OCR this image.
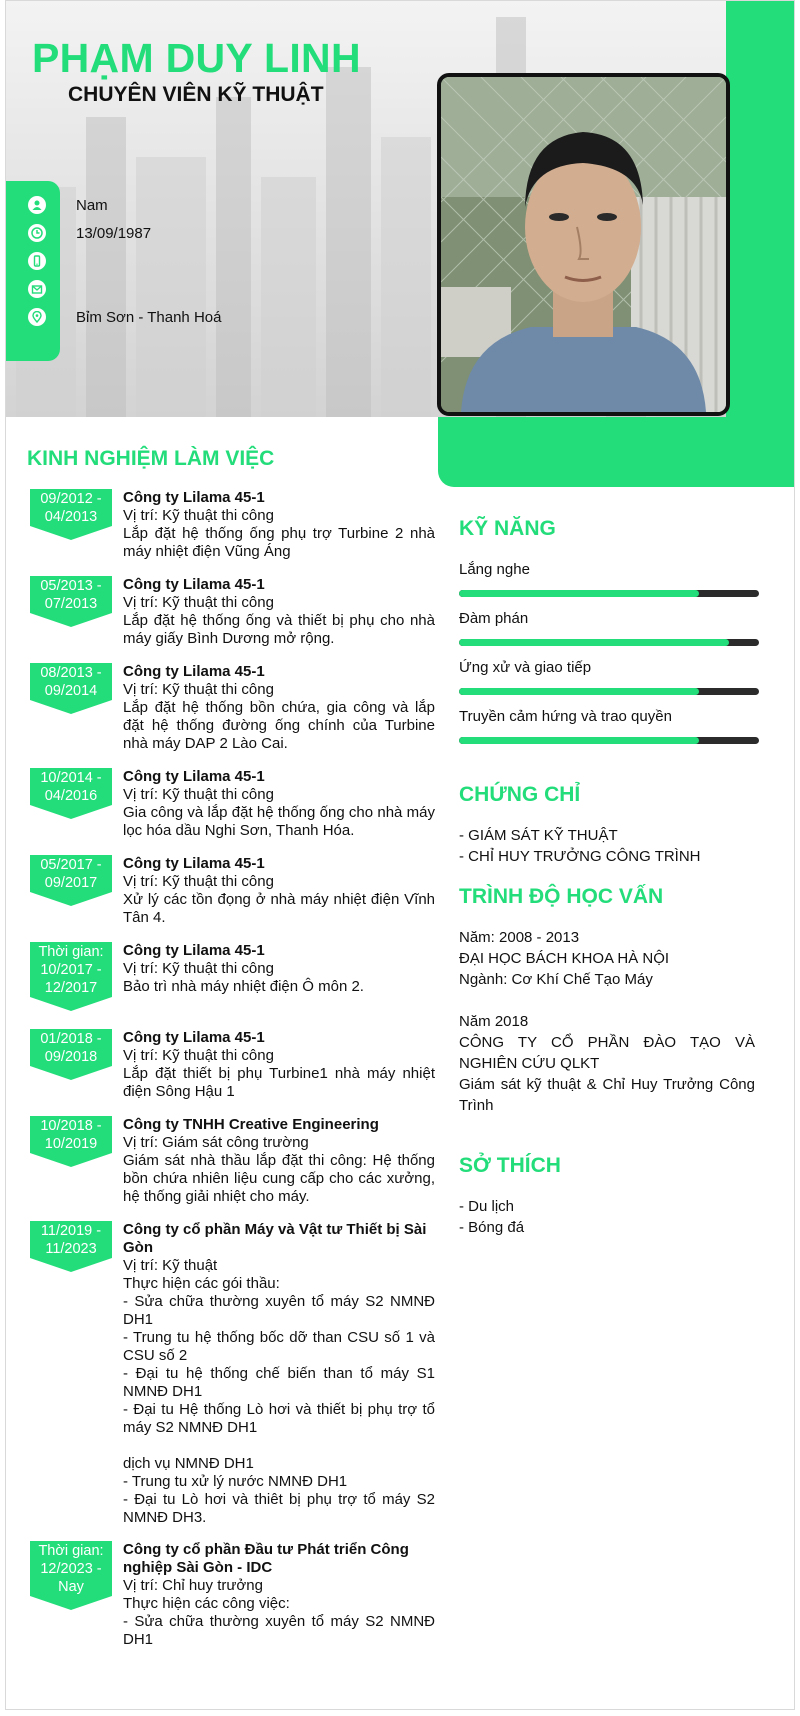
PHẠM DUY LINH
CHUYÊN VIÊN KỸ THUẬT
Nam
13/09/1987
Bỉm Sơn - Thanh Hoá
KINH NGHIỆM LÀM VIỆC
09/2012 -
04/2013
Công ty Lilama 45-1
Vị trí: Kỹ thuật thi công
Lắp đặt hệ thống ống phụ trợ Turbine 2 nhà máy nhiệt điện Vũng Áng
05/2013 -
07/2013
Công ty Lilama 45-1
Vị trí: Kỹ thuật thi công
Lắp đặt hệ thống ống và thiết bị phụ cho nhà máy giấy Bình Dương mở rộng.
08/2013 -
09/2014
Công ty Lilama 45-1
Vị trí: Kỹ thuật thi công
Lắp đặt hệ thống bồn chứa, gia công và lắp đặt hệ thống đường ống chính của Turbine nhà máy DAP 2 Lào Cai.
10/2014 -
04/2016
Công ty Lilama 45-1
Vị trí: Kỹ thuật thi công
Gia công và lắp đặt hệ thống ống cho nhà máy lọc hóa dầu Nghi Sơn, Thanh Hóa.
05/2017 -
09/2017
Công ty Lilama 45-1
Vị trí: Kỹ thuật thi công
Xử lý các tồn đọng ở nhà máy nhiệt điện Vĩnh Tân 4.
Thời gian:
10/2017 -
12/2017
Công ty Lilama 45-1
Vị trí: Kỹ thuật thi công
Bảo trì nhà máy nhiệt điện Ô môn 2.
01/2018 -
09/2018
Công ty Lilama 45-1
Vị trí: Kỹ thuật thi công
Lắp đặt thiết bị phụ Turbine1 nhà máy nhiệt điện Sông Hậu 1
10/2018 -
10/2019
Công ty TNHH Creative Engineering
Vị trí: Giám sát công trường
Giám sát nhà thầu lắp đặt thi công: Hệ thống bồn chứa nhiên liệu cung cấp cho các xưởng, hệ thống giải nhiệt cho máy.
11/2019 -
11/2023
Công ty cổ phần Máy và Vật tư Thiết bị Sài Gòn
Vị trí: Kỹ thuật
Thực hiện các gói thầu:
- Sửa chữa thường xuyên tổ máy S2 NMNĐ DH1
- Trung tu hệ thống bốc dỡ than CSU số 1 và CSU số 2
- Đại tu hệ thống chế biến than tổ máy S1 NMNĐ DH1
- Đại tu Hệ thống Lò hơi và thiết bị phụ trợ tổ máy S2 NMNĐ DH1
dịch vụ NMNĐ DH1
- Trung tu xử lý nước NMNĐ DH1
- Đại tu Lò hơi và thiêt bị phụ trợ tổ máy S2 NMNĐ DH3.
Thời gian:
12/2023 -
Nay
Công ty cổ phần Đầu tư Phát triển Công nghiệp Sài Gòn - IDC
Vị trí: Chỉ huy trưởng
Thực hiện các công việc:
- Sửa chữa thường xuyên tổ máy S2 NMNĐ DH1
KỸ NĂNG
Lắng nghe
Đàm phán
Ứng xử và giao tiếp
Truyền cảm hứng và trao quyền
CHỨNG CHỈ
- GIÁM SÁT KỸ THUẬT
- CHỈ HUY TRƯỞNG CÔNG TRÌNH
TRÌNH ĐỘ HỌC VẤN
Năm: 2008 - 2013
ĐẠI HỌC BÁCH KHOA HÀ NỘI
Ngành: Cơ Khí Chế Tạo Máy
Năm 2018
CÔNG TY CỔ PHẦN ĐÀO TẠO VÀ NGHIÊN CỨU QLKT
Giám sát kỹ thuật & Chỉ Huy Trưởng Công Trình
SỞ THÍCH
- Du lịch
- Bóng đá
